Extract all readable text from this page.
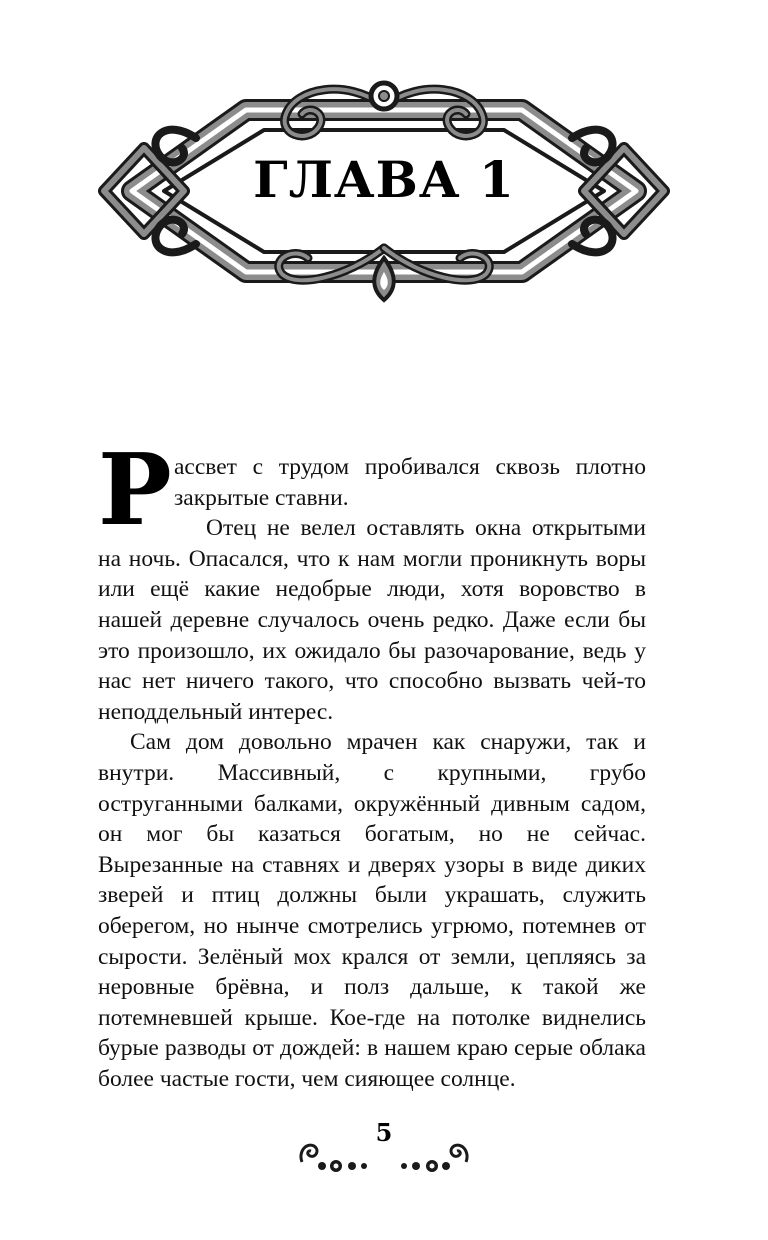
ГЛАВА 1

Рассвет с трудом пробивался сквозь плотно закрытые ставни.

Отец не велел оставлять окна открытыми на ночь. Опасался, что к нам могли проникнуть воры или ещё какие недобрые люди, хотя воровство в нашей деревне случалось очень редко. Даже если бы это произошло, их ожидало бы разочарование, ведь у нас нет ничего такого, что способно вызвать чей-то неподдельный интерес.

Сам дом довольно мрачен как снаружи, так и внутри. Массивный, с крупными, грубо оструганными балками, окружённый дивным садом, он мог бы казаться богатым, но не сейчас. Вырезанные на ставнях и дверях узоры в виде диких зверей и птиц должны были украшать, служить оберегом, но нынче смотрелись угрюмо, потемнев от сырости. Зелёный мох крался от земли, цепляясь за неровные брёвна, и полз дальше, к такой же потемневшей крыше. Кое-где на потолке виднелись бурые разводы от дождей: в нашем краю серые облака более частые гости, чем сияющее солнце.

5
